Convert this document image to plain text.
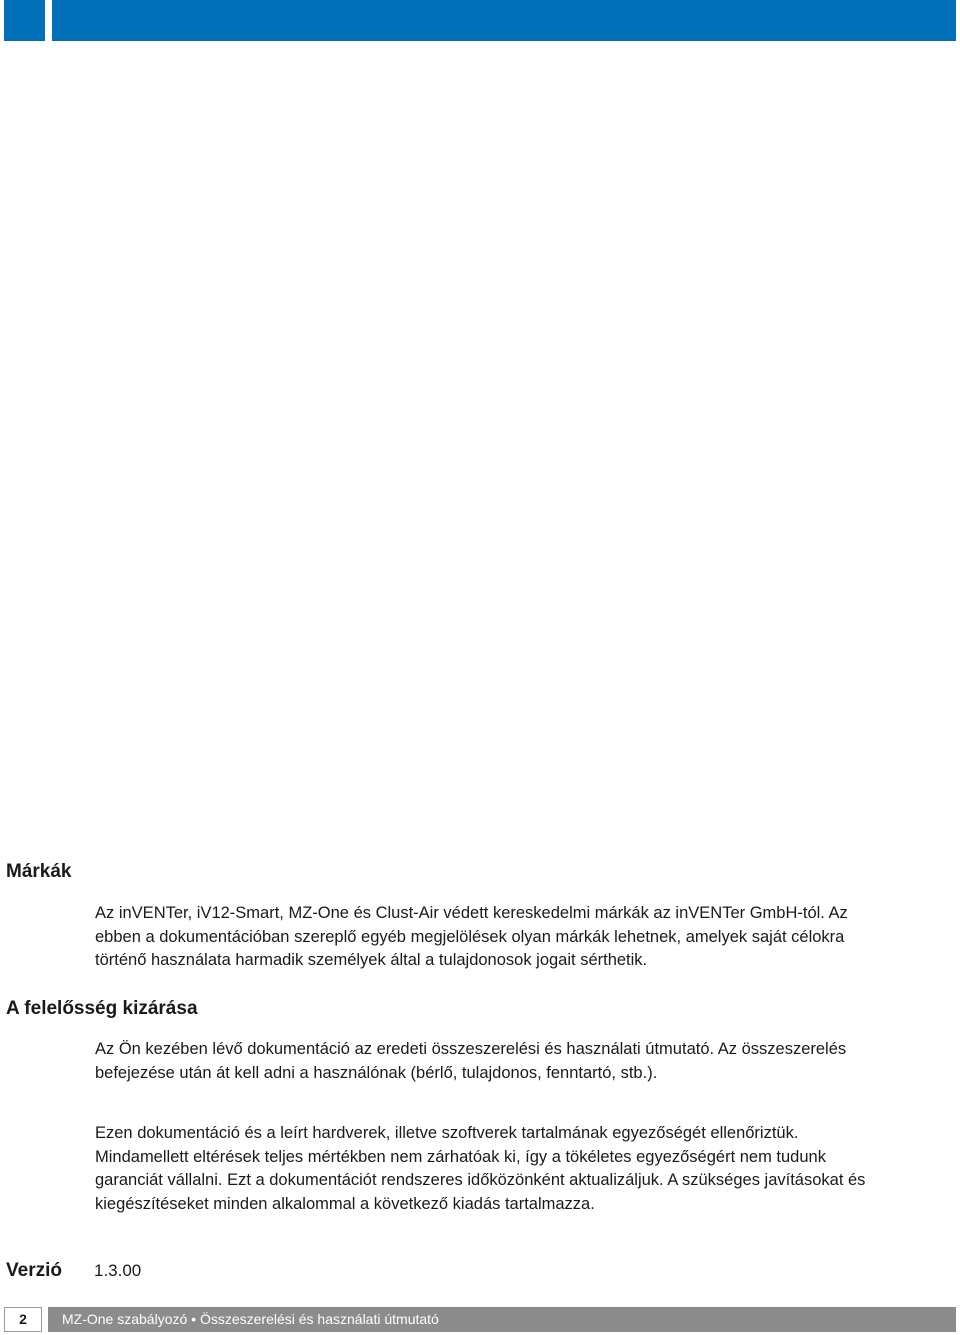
Márkák

Az inVENTer, iV12-Smart, MZ-One és Clust-Air védett kereskedelmi márkák az inVENTer GmbH-tól. Az ebben a dokumentációban szereplő egyéb megjelölések olyan márkák lehetnek, amelyek saját célokra történő használata harmadik személyek által a tulajdonosok jogait sérthetik.

A felelősség kizárása

Az Ön kezében lévő dokumentáció az eredeti összeszerelési és használati útmutató. Az összeszerelés befejezése után át kell adni a használónak (bérlő, tulajdonos, fenntartó, stb.).

Ezen dokumentáció és a leírt hardverek, illetve szoftverek tartalmának egyezőségét ellenőriztük. Mindamellett eltérések teljes mértékben nem zárhatóak ki, így a tökéletes egyezőségért nem tudunk garanciát vállalni. Ezt a dokumentációt rendszeres időközönként aktualizáljuk. A szükséges javításokat és kiegészítéseket minden alkalommal a következő kiadás tartalmazza.

Verzió 1.3.00
2	MZ-One szabályozó • Összeszerelési és használati útmutató
